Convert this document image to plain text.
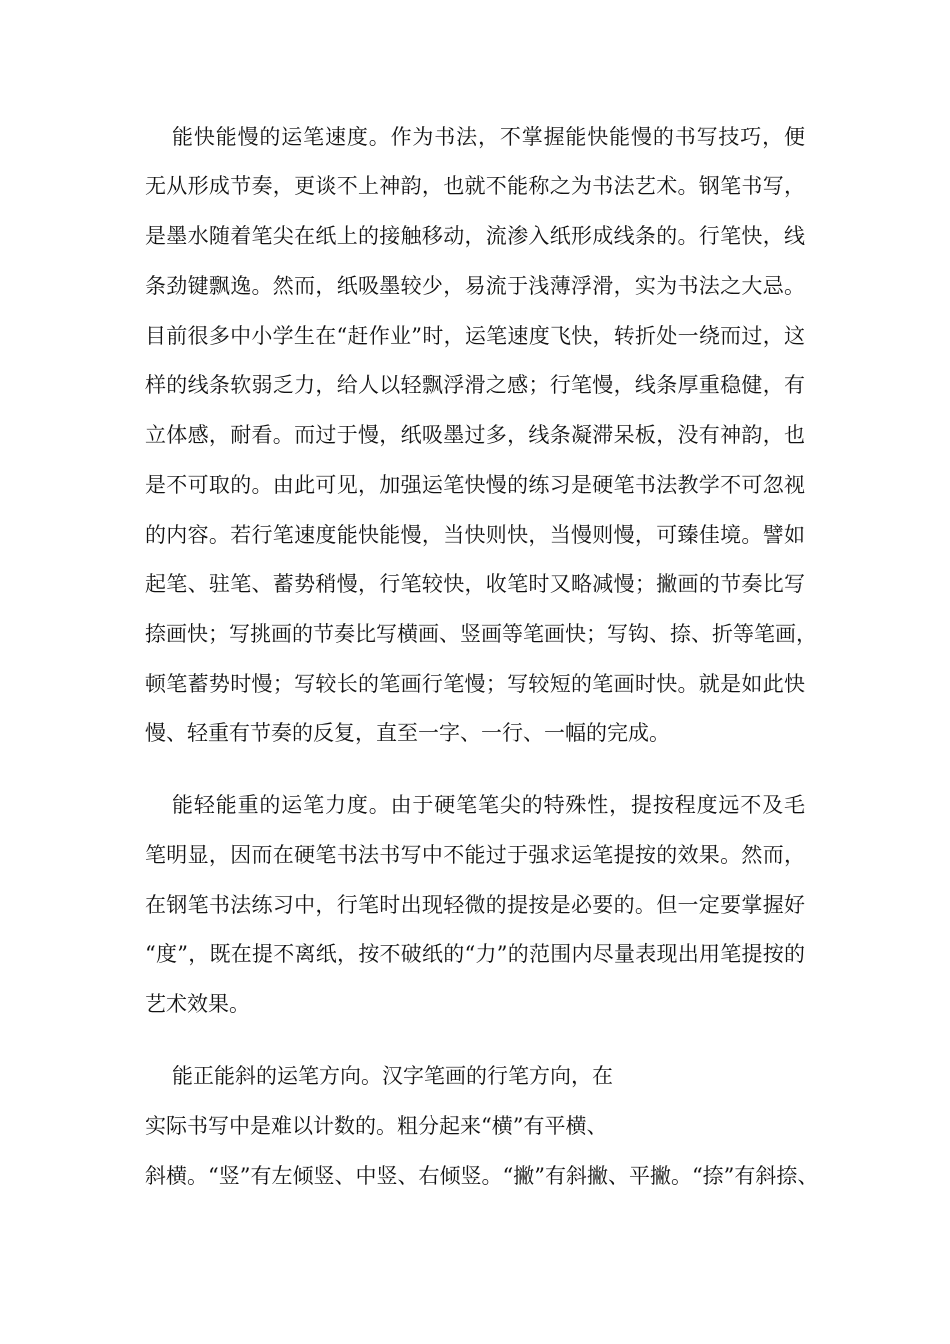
能快能慢的运笔速度。作为书法，不掌握能快能慢的书写技巧，便

无从形成节奏，更谈不上神韵，也就不能称之为书法艺术。钢笔书写，

是墨水随着笔尖在纸上的接触移动，流渗入纸形成线条的。行笔快，线

条劲键飘逸。然而，纸吸墨较少，易流于浅薄浮滑，实为书法之大忌。

目前很多中小学生在“赶作业”时，运笔速度飞快，转折处一绕而过，这

样的线条软弱乏力，给人以轻飘浮滑之感；行笔慢，线条厚重稳健，有

立体感，耐看。而过于慢，纸吸墨过多，线条凝滞呆板，没有神韵，也

是不可取的。由此可见，加强运笔快慢的练习是硬笔书法教学不可忽视

的内容。若行笔速度能快能慢，当快则快，当慢则慢，可臻佳境。譬如

起笔、驻笔、蓄势稍慢，行笔较快，收笔时又略减慢；撇画的节奏比写

捺画快；写挑画的节奏比写横画、竖画等笔画快；写钩、捺、折等笔画，

顿笔蓄势时慢；写较长的笔画行笔慢；写较短的笔画时快。就是如此快

慢、轻重有节奏的反复，直至一字、一行、一幅的完成。

能轻能重的运笔力度。由于硬笔笔尖的特殊性，提按程度远不及毛

笔明显，因而在硬笔书法书写中不能过于强求运笔提按的效果。然而，

在钢笔书法练习中，行笔时出现轻微的提按是必要的。但一定要掌握好

“度”，既在提不离纸，按不破纸的“力”的范围内尽量表现出用笔提按的

艺术效果。

能正能斜的运笔方向。汉字笔画的行笔方向，在

实际书写中是难以计数的。粗分起来“横”有平横、

斜横。“竖”有左倾竖、中竖、右倾竖。“撇”有斜撇、平撇。“捺”有斜捺、
